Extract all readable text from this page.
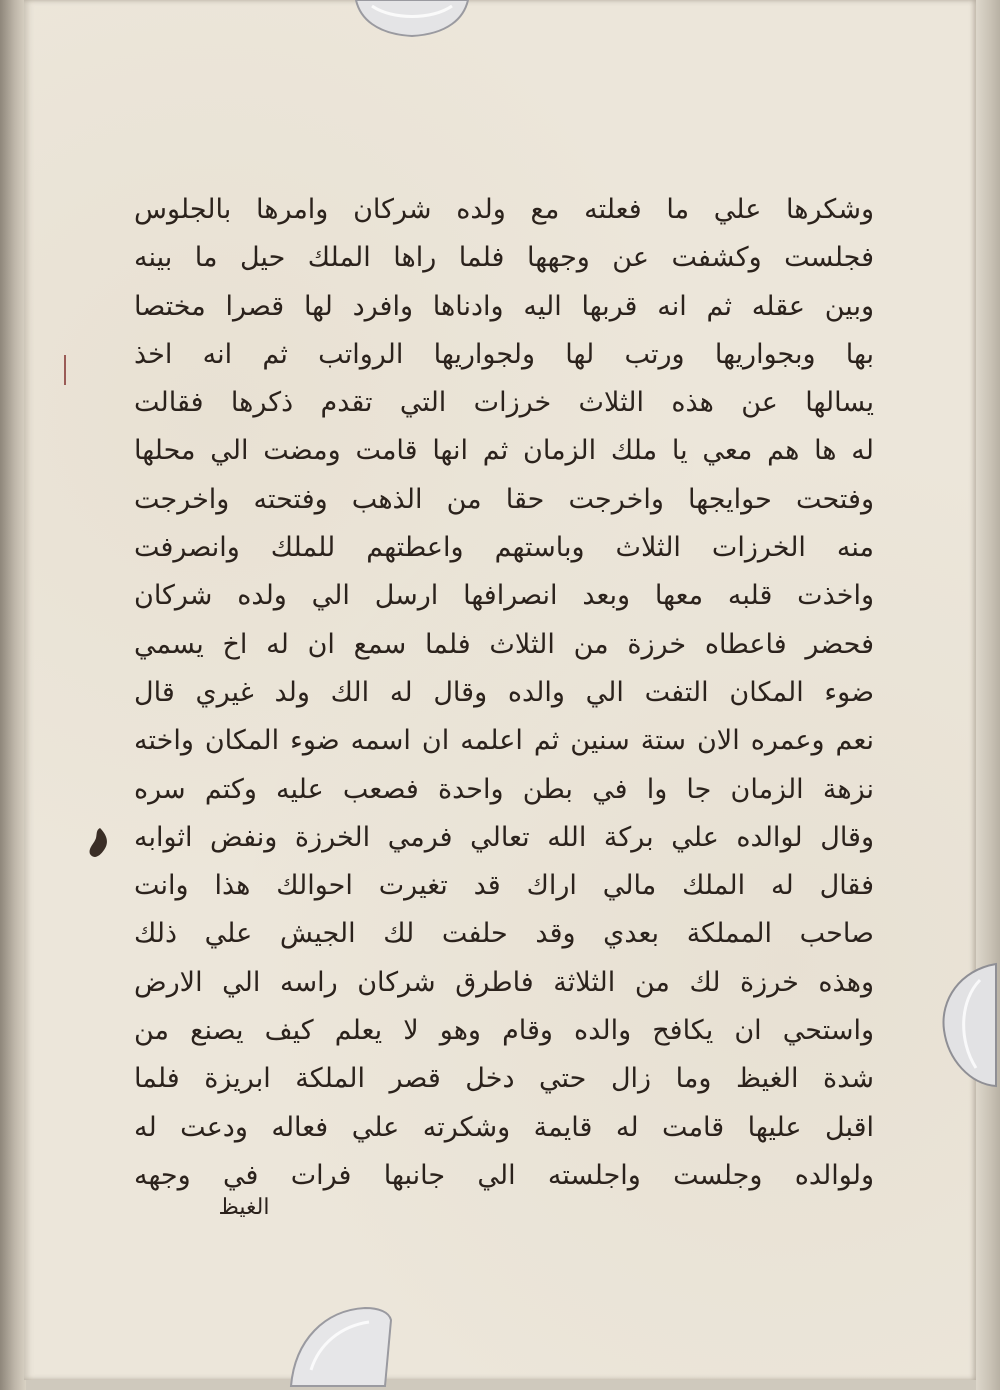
وشكرها علي ما فعلته مع ولده شركان وامرها بالجلوس
فجلست وكشفت عن وجهها فلما راها الملك حيل ما بينه
وبين عقله ثم انه قربها اليه وادناها وافرد لها قصرا مختصا
بها وبجواريها ورتب لها ولجواريها الرواتب ثم انه اخذ
يسالها عن هذه الثلاث خرزات التي تقدم ذكرها فقالت
له ها هم معي يا ملك الزمان ثم انها قامت ومضت الي محلها
وفتحت حوايجها واخرجت حقا من الذهب وفتحته واخرجت
منه الخرزات الثلاث وباستهم واعطتهم للملك وانصرفت
واخذت قلبه معها وبعد انصرافها ارسل الي ولده شركان
فحضر فاعطاه خرزة من الثلاث فلما سمع ان له اخ يسمي
ضوء المكان التفت الي والده وقال له الك ولد غيري قال
نعم وعمره الان ستة سنين ثم اعلمه ان اسمه ضوء المكان واخته
نزهة الزمان جا وا في بطن واحدة فصعب عليه وكتم سره
وقال لوالده علي بركة الله تعالي فرمي الخرزة ونفض اثوابه
فقال له الملك مالي اراك قد تغيرت احوالك هذا وانت
صاحب المملكة بعدي وقد حلفت لك الجيش علي ذلك
وهذه خرزة لك من الثلاثة فاطرق شركان راسه الي الارض
واستحي ان يكافح والده وقام وهو لا يعلم كيف يصنع من
شدة الغيظ وما زال حتي دخل قصر الملكة ابريزة فلما
اقبل عليها قامت له قايمة وشكرته علي فعاله ودعت له
ولوالده وجلست واجلسته الي جانبها فرات في وجهه
الغيظ
